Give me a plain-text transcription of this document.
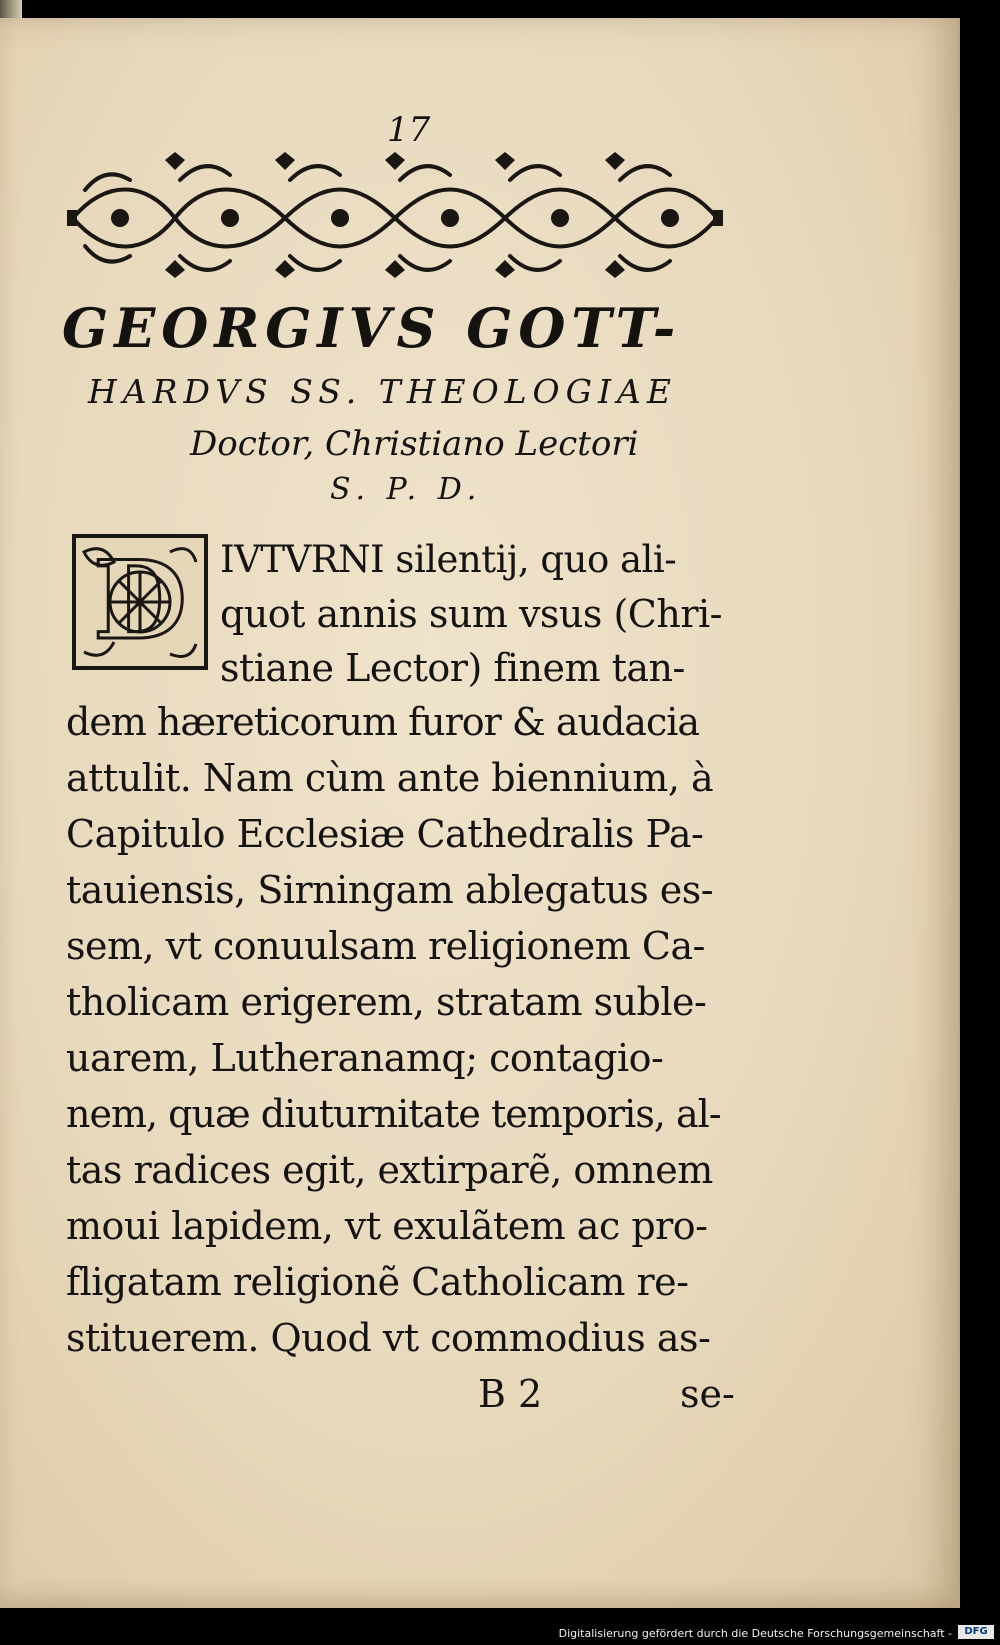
17
GEORGIVS GOTT-
HARDVS SS. THEOLOGIAE
Doctor, Christiano Lectori
S. P. D.
D IVTVRNI silentij, quo ali-
quot annis sum vsus (Chri-
stiane Lector) finem tan-
dem hæreticorum furor & audacia
attulit. Nam cùm ante biennium, à
Capitulo Ecclesiæ Cathedralis Pa-
tauiensis, Sirningam ablegatus es-
sem, vt conuulsam religionem Ca-
tholicam erigerem, stratam suble-
uarem, Lutheranamq; contagio-
nem, quæ diuturnitate temporis, al-
tas radices egit, extirparẽ, omnem
moui lapidem, vt exulãtem ac pro-
fligatam religionẽ Catholicam re-
stituerem. Quod vt commodius as-
B 2	se-
Digitalisierung gefördert durch die Deutsche Forschungsgemeinschaft -	DFG
